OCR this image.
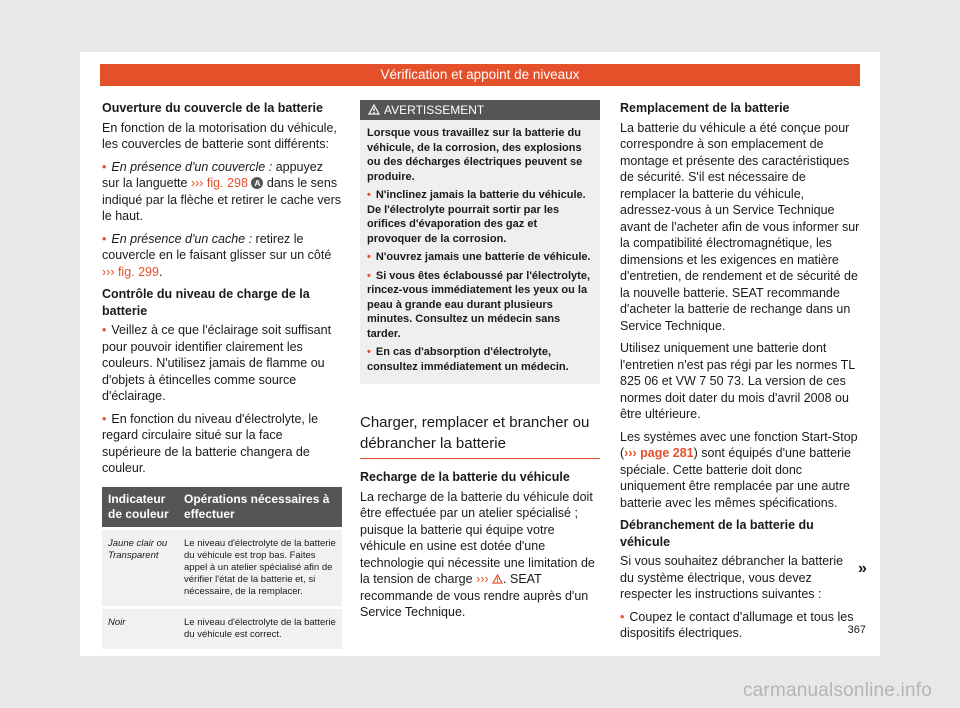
Vérification et appoint de niveaux
Ouverture du couvercle de la batterie

En fonction de la motorisation du véhicule, les couvercles de batterie sont différents:

• En présence d'un couvercle : appuyez sur la languette ››› fig. 298 A dans le sens indiqué par la flèche et retirer le cache vers le haut.

• En présence d'un cache : retirez le couvercle en le faisant glisser sur un côté ››› fig. 299.

Contrôle du niveau de charge de la batterie

• Veillez à ce que l'éclairage soit suffisant pour pouvoir identifier clairement les couleurs. N'utilisez jamais de flamme ou d'objets à étincelles comme source d'éclairage.

• En fonction du niveau d'électrolyte, le regard circulaire situé sur la face supérieure de la batterie changera de couleur.

Indicateur de couleur	Opérations nécessaires à effectuer
Jaune clair ou Transparent	Le niveau d'électrolyte de la batterie du véhicule est trop bas. Faites appel à un atelier spécialisé afin de vérifier l'état de la batterie et, si nécessaire, de la remplacer.
Noir	Le niveau d'électrolyte de la batterie du véhicule est correct.
AVERTISSEMENT

Lorsque vous travaillez sur la batterie du véhicule, de la corrosion, des explosions ou des décharges électriques peuvent se produire.

• N'inclinez jamais la batterie du véhicule. De l'électrolyte pourrait sortir par les orifices d'évaporation des gaz et provoquer de la corrosion.

• N'ouvrez jamais une batterie de véhicule.

• Si vous êtes éclaboussé par l'électrolyte, rincez-vous immédiatement les yeux ou la peau à grande eau durant plusieurs minutes. Consultez un médecin sans tarder.

• En cas d'absorption d'électrolyte, consultez immédiatement un médecin.

Charger, remplacer et brancher ou débrancher la batterie
Recharge de la batterie du véhicule

La recharge de la batterie du véhicule doit être effectuée par un atelier spécialisé ; puisque la batterie qui équipe votre véhicule en usine est dotée d'une technologie qui nécessite une limitation de la tension de charge ››› . SEAT recommande de vous rendre auprès d'un Service Technique.

Remplacement de la batterie

La batterie du véhicule a été conçue pour correspondre à son emplacement de montage et présente des caractéristiques de sécurité. S'il est nécessaire de remplacer la batterie du véhicule, adressez-vous à un Service Technique avant de l'acheter afin de vous informer sur la compatibilité électromagnétique, les dimensions et les exigences en matière d'entretien, de rendement et de sécurité de la nouvelle batterie. SEAT recommande d'acheter la batterie de rechange dans un Service Technique.

Utilisez uniquement une batterie dont l'entretien n'est pas régi par les normes TL 825 06 et VW 7 50 73. La version de ces normes doit dater du mois d'avril 2008 ou être ultérieure.

Les systèmes avec une fonction Start-Stop (››› page 281) sont équipés d'une batterie spéciale. Cette batterie doit donc uniquement être remplacée par une autre batterie avec les mêmes spécifications.

Débranchement de la batterie du véhicule

Si vous souhaitez débrancher la batterie du système électrique, vous devez respecter les instructions suivantes :

• Coupez le contact d'allumage et tous les dispositifs électriques.

»
367
carmanualsonline.info
